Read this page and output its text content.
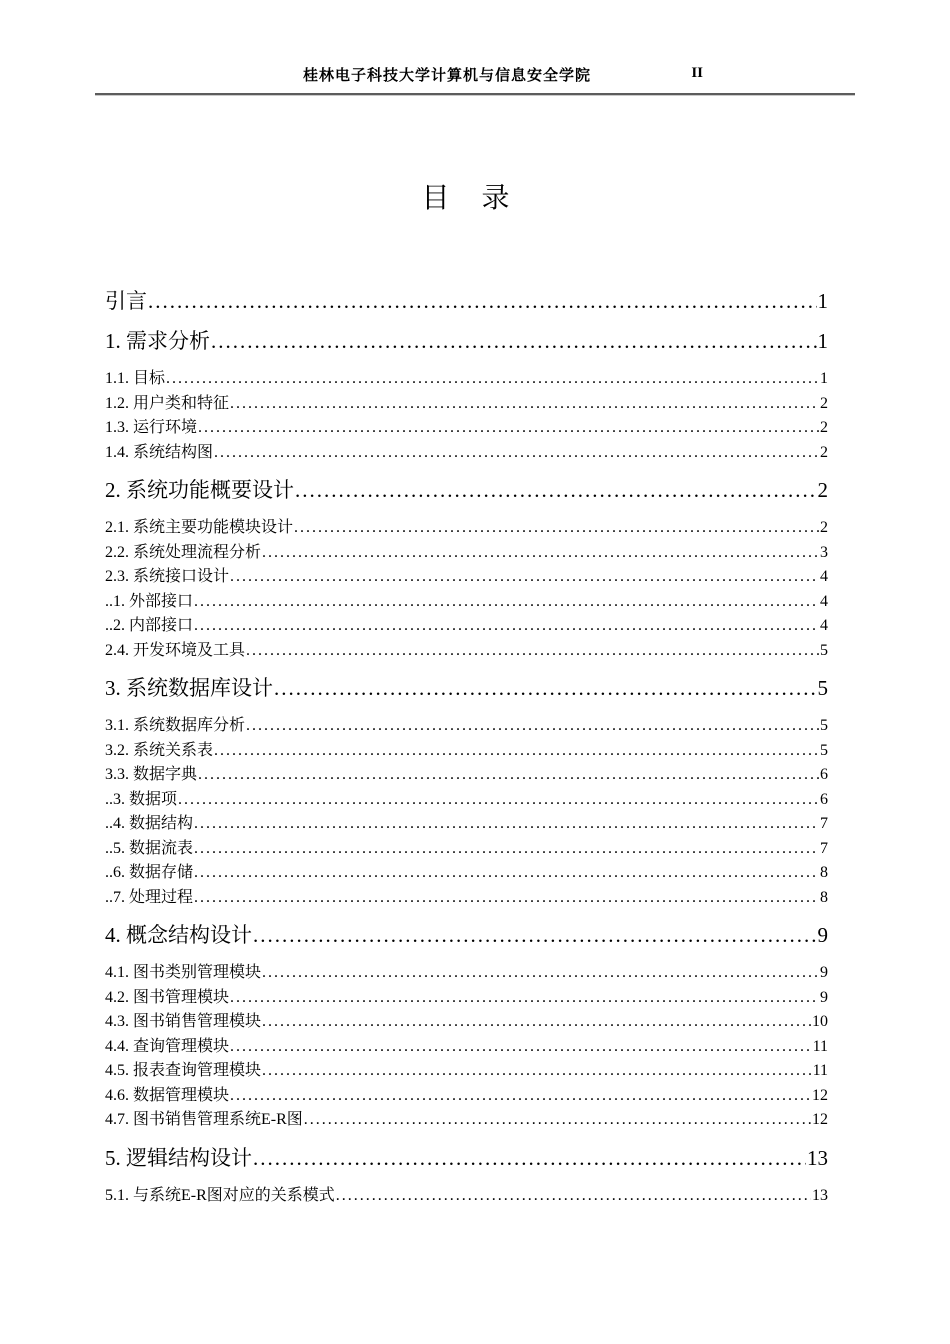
桂林电子科技大学计算机与信息安全学院	II
目　录
引言 .....	1
1. 需求分析 .....	1
1.1. 目标 .....	1
1.2. 用户类和特征 .....	2
1.3. 运行环境 .....	2
1.4. 系统结构图 .....	2
2. 系统功能概要设计 .....	2
2.1. 系统主要功能模块设计 .....	2
2.2. 系统处理流程分析 .....	3
2.3. 系统接口设计 .....	4
..1. 外部接口 .....	4
..2. 内部接口 .....	4
2.4. 开发环境及工具 .....	5
3. 系统数据库设计 .....	5
3.1. 系统数据库分析 .....	5
3.2. 系统关系表 .....	5
3.3. 数据字典 .....	6
..3. 数据项 .....	6
..4. 数据结构 .....	7
..5. 数据流表 .....	7
..6. 数据存储 .....	8
..7. 处理过程 .....	8
4. 概念结构设计 .....	9
4.1. 图书类别管理模块 .....	9
4.2. 图书管理模块 .....	9
4.3. 图书销售管理模块 .....	10
4.4. 查询管理模块 .....	11
4.5. 报表查询管理模块 .....	11
4.6. 数据管理模块 .....	12
4.7. 图书销售管理系统E-R图 .....	12
5. 逻辑结构设计 .....	13
5.1. 与系统E-R图对应的关系模式 .....	13
